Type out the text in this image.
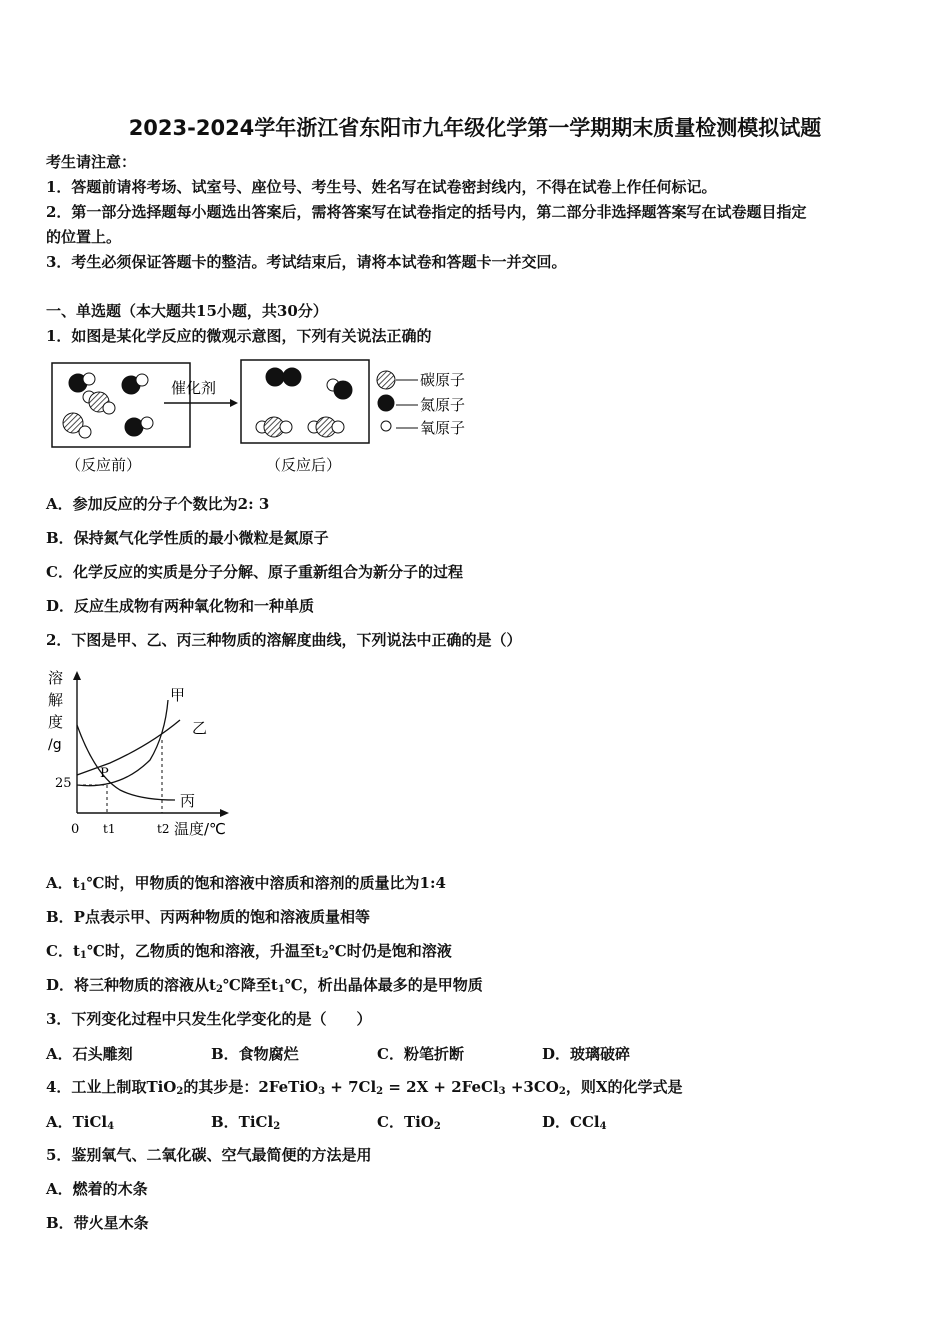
2023-2024学年浙江省东阳市九年级化学第一学期期末质量检测模拟试题
考生请注意：
1．答题前请将考场、试室号、座位号、考生号、姓名写在试卷密封线内，不得在试卷上作任何标记。
2．第一部分选择题每小题选出答案后，需将答案写在试卷指定的括号内，第二部分非选择题答案写在试卷题目指定
的位置上。
3．考生必须保证答题卡的整洁。考试结束后，请将本试卷和答题卡一并交回。
一、单选题（本大题共15小题，共30分）
1．如图是某化学反应的微观示意图，下列有关说法正确的
（反应前）
催化剂
（反应后）
碳原子
氮原子
氧原子
A．参加反应的分子个数比为2: 3
B．保持氮气化学性质的最小微粒是氮原子
C．化学反应的实质是分子分解、原子重新组合为新分子的过程
D．反应生成物有两种氧化物和一种单质
2．下图是甲、乙、丙三种物质的溶解度曲线，下列说法中正确的是（）
溶
解
度
/g
甲
乙
丙
P
25
0 t1	t2 温度/℃
A．$t_1℃$时，甲物质的饱和溶液中溶质和溶剂的质量比为1:4
B．P点表示甲、丙两种物质的饱和溶液质量相等
C．$t_1℃$时，乙物质的饱和溶液，升温至$t_2℃$时仍是饱和溶液
D．将三种物质的溶液从$t_2℃$降至$t_1℃$，析出晶体最多的是甲物质
3．下列变化过程中只发生化学变化的是（　　）
A．石头雕刻	B．食物腐烂	C．粉笔折断	D．玻璃破碎
4．工业上制取TiO$_2$的其步是：2FeTiO$_3$ + $7Cl_2 = 2X$ + 2FeCl$_3$ $+3CO_2$，则X的化学式是
A．TiCl$_4$	B．TiCl$_2$	C．TiO$_2$	D．CCl$_4$
5．鉴别氧气、二氧化碳、空气最简便的方法是用
A．燃着的木条
B．带火星木条
